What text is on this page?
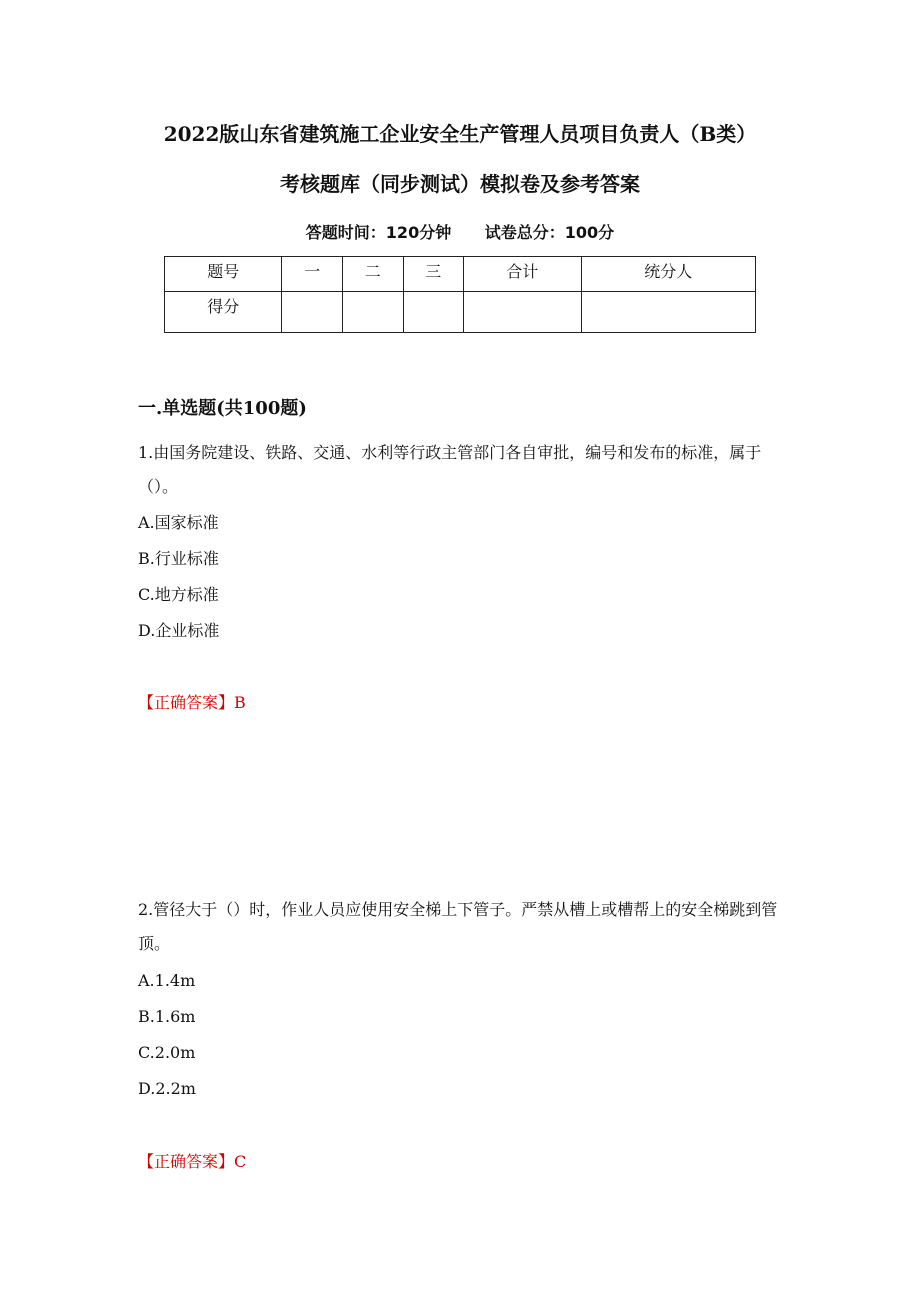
2022版山东省建筑施工企业安全生产管理人员项目负责人（B类）
考核题库（同步测试）模拟卷及参考答案
答题时间：120分钟 试卷总分：100分
题号	一	二	三	合计	统分人
得分					
一.单选题(共100题)
1.由国务院建设、铁路、交通、水利等行政主管部门各自审批，编号和发布的标准，属于（）。
A.国家标准
B.行业标准
C.地方标准
D.企业标准
【正确答案】B
2.管径大于（）时，作业人员应使用安全梯上下管子。严禁从槽上或槽帮上的安全梯跳到管顶。
A.1.4m
B.1.6m
C.2.0m
D.2.2m
【正确答案】C
